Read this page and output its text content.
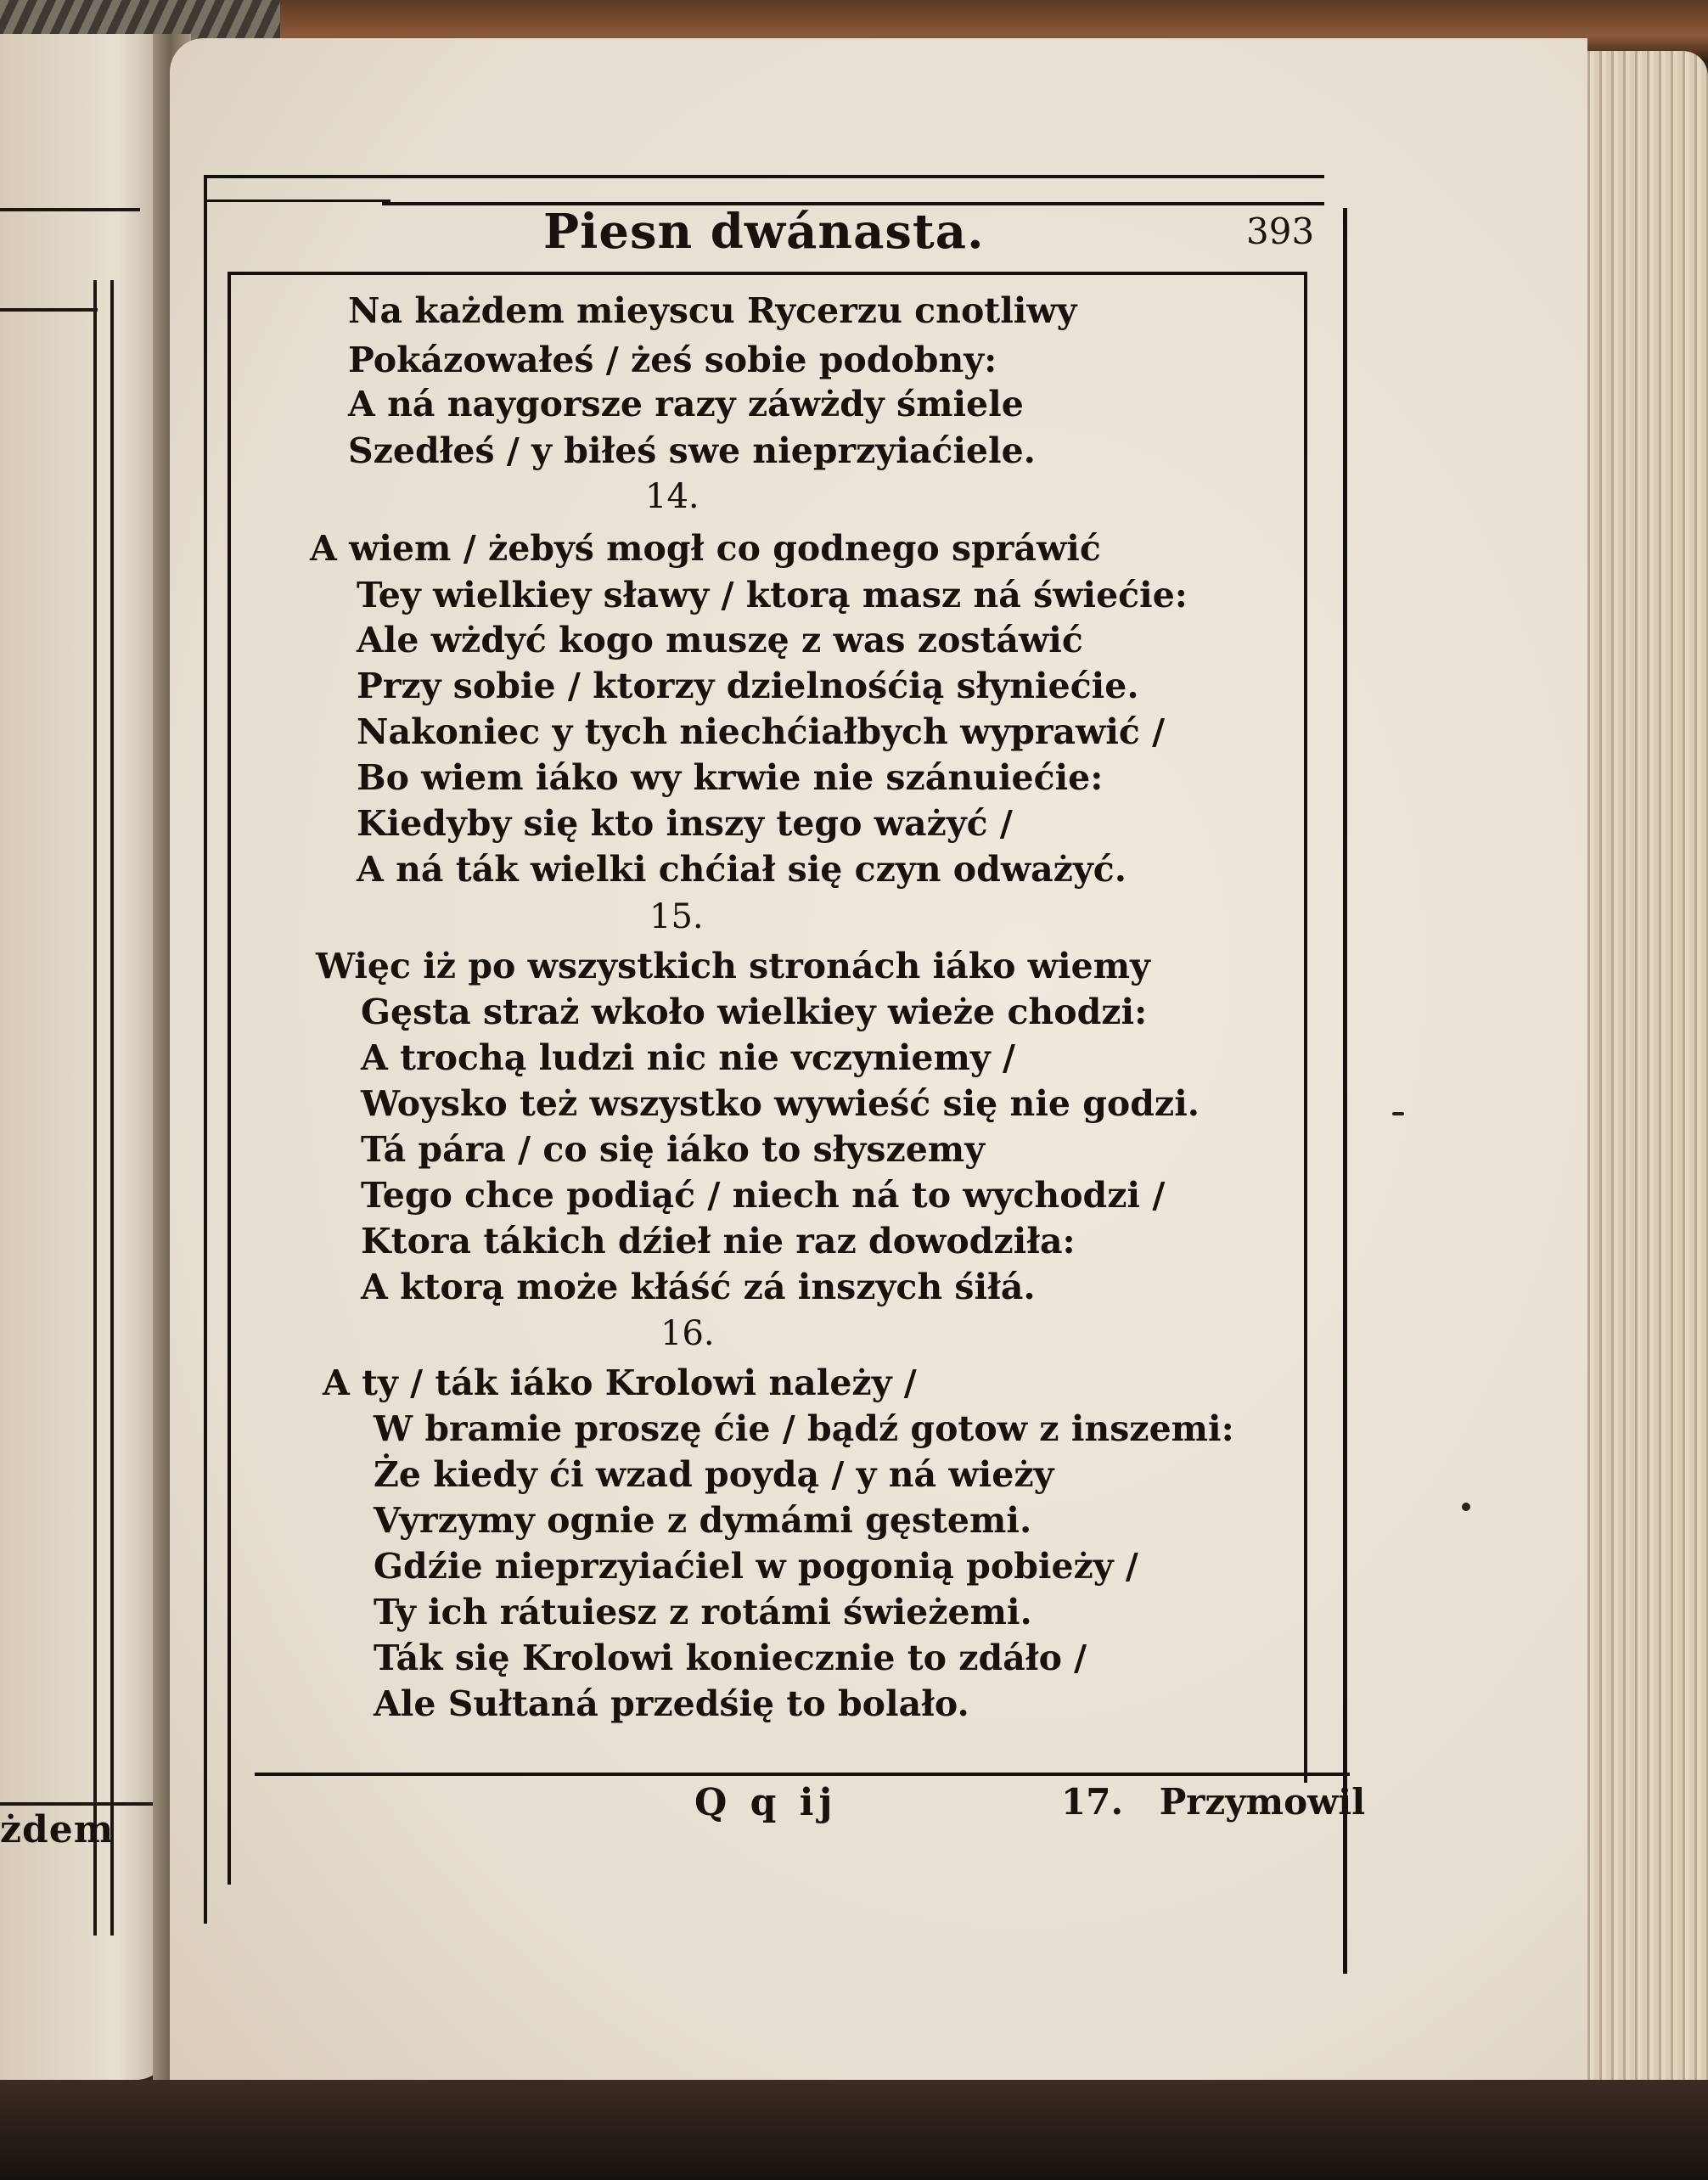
żdem
Piesn dwánasta.	393
Na każdem mieyscu Rycerzu cnotliwy
Pokázowałeś / żeś sobie podobny:
A ná naygorsze razy záwżdy śmiele
Szedłeś / y biłeś swe nieprzyiaćiele.
14.
A wiem / żebyś mogł co godnego spráwić
Tey wielkiey sławy / ktorą masz ná świećie:
Ale wżdyć kogo muszę z was zostáwić
Przy sobie / ktorzy dzielnośćią słyniećie.
Nakoniec y tych niechćiałbych wyprawić /
Bo wiem iáko wy krwie nie szánuiećie:
Kiedyby się kto inszy tego ważyć /
A ná ták wielki chćiał się czyn odważyć.
15.
Więc iż po wszystkich stronách iáko wiemy
Gęsta straż wkoło wielkiey wieże chodzi:
A trochą ludzi nic nie vczyniemy /
Woysko też wszystko wywieść się nie godzi.
Tá pára / co się iáko to słyszemy
Tego chce podiąć / niech ná to wychodzi /
Ktora tákich dźieł nie raz dowodziła:
A ktorą może kłáść zá inszych śiłá.
16.
A ty / ták iáko Krolowi należy /
W bramie proszę ćie / bądź gotow z inszemi:
Że kiedy ći wzad poydą / y ná wieży
Vyrzymy ognie z dymámi gęstemi.
Gdźie nieprzyiaćiel w pogonią pobieży /
Ty ich rátuiesz z rotámi świeżemi.
Ták się Krolowi koniecznie to zdáło /
Ale Sułtaná przedśię to bolało.
Q q ij	17. Przymowil
